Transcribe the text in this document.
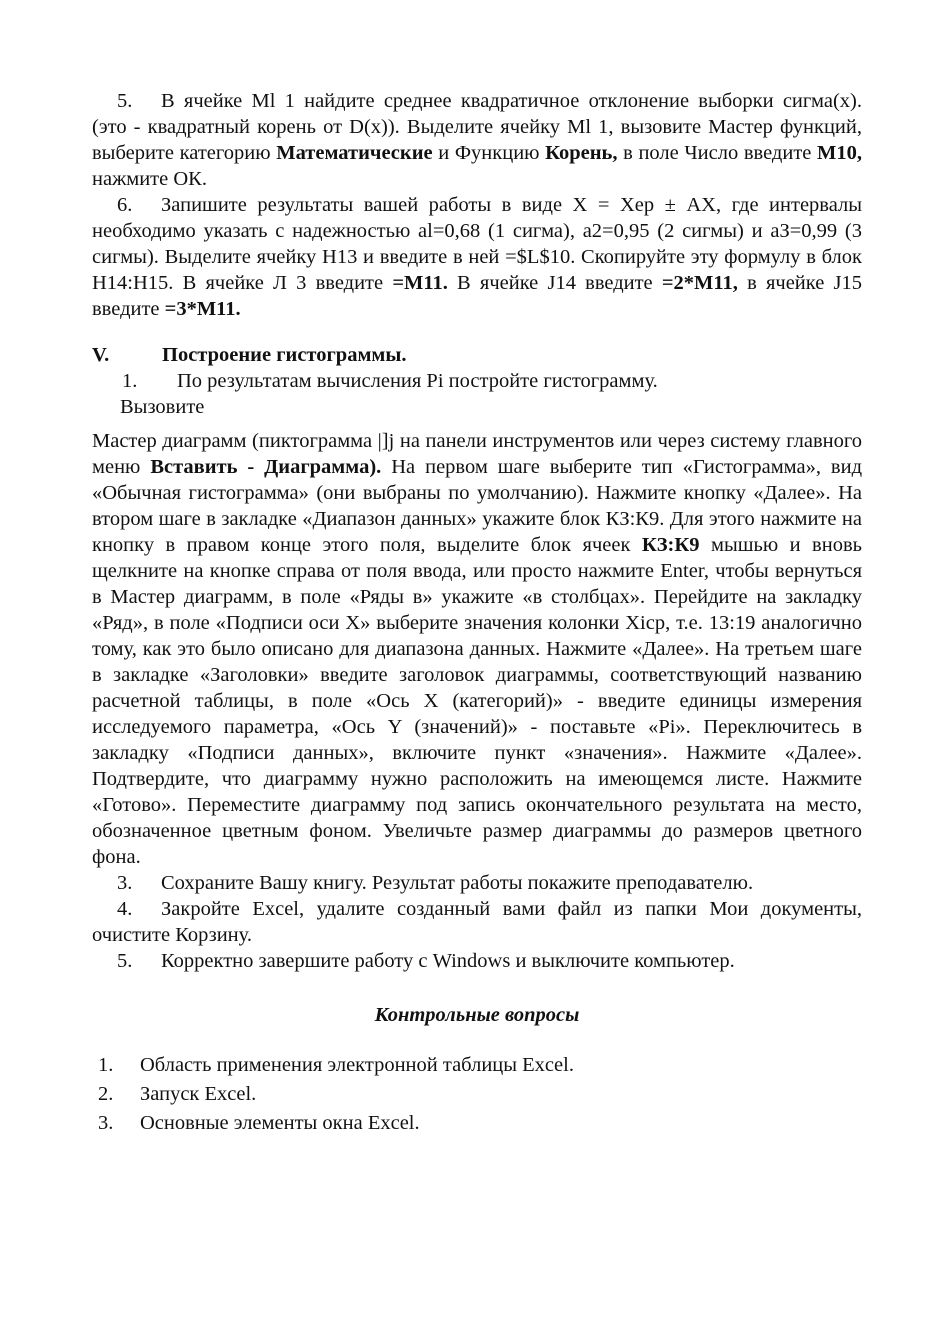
5. В ячейке Ml 1 найдите среднее квадратичное отклонение выборки сигма(х). (это - квадратный корень от D(x)). Выделите ячейку Ml 1, вызовите Мастер функций, выберите категорию Математические и Функцию Корень, в поле Число введите M10, нажмите ОК.

6. Запишите результаты вашей работы в виде X = Хер ± АХ, где интервалы необходимо указать с надежностью al=0,68 (1 сигма), а2=0,95 (2 сигмы) и аЗ=0,99 (3 сигмы). Выделите ячейку Н13 и введите в ней =$L$10. Скопируйте эту формулу в блок Н14:Н15. В ячейке Л 3 введите =M11. В ячейке J14 введите =2*M11, в ячейке J15 введите =3*M11.

V.	Построение гистограммы.
1.	По результатам вычисления Pi постройте гистограмму.

Вызовите

Мастер диаграмм (пиктограмма |]j на панели инструментов или через систему главного меню Вставить - Диаграмма). На первом шаге выберите тип «Гистограмма», вид «Обычная гистограмма» (они выбраны по умолчанию). Нажмите кнопку «Далее». На втором шаге в закладке «Диапазон данных» укажите блок КЗ:К9. Для этого нажмите на кнопку в правом конце этого поля, выделите блок ячеек КЗ:К9 мышью и вновь щелкните на кнопке справа от поля ввода, или просто нажмите Enter, чтобы вернуться в Мастер диаграмм, в поле «Ряды в» укажите «в столбцах». Перейдите на закладку «Ряд», в поле «Подписи оси X» выберите значения колонки Xicp, т.е. 13:19 аналогично тому, как это было описано для диапазона данных. Нажмите «Далее». На третьем шаге в закладке «Заголовки» введите заголовок диаграммы, соответствующий названию расчетной таблицы, в поле «Ось X (категорий)» - введите единицы измерения исследуемого параметра, «Ось Y (значений)» - поставьте «Pi». Переключитесь в закладку «Подписи данных», включите пункт «значения». Нажмите «Далее». Подтвердите, что диаграмму нужно расположить на имеющемся листе. Нажмите «Готово». Переместите диаграмму под запись окончательного результата на место, обозначенное цветным фоном. Увеличьте размер диаграммы до размеров цветного фона.

3. Сохраните Вашу книгу. Результат работы покажите преподавателю.

4. Закройте Excel, удалите созданный вами файл из папки Мои документы, очистите Корзину.

5. Корректно завершите работу с Windows и выключите компьютер.

Контрольные вопросы
1.	Область применения электронной таблицы Excel.
2.	Запуск Excel.
3.	Основные элементы окна Excel.
